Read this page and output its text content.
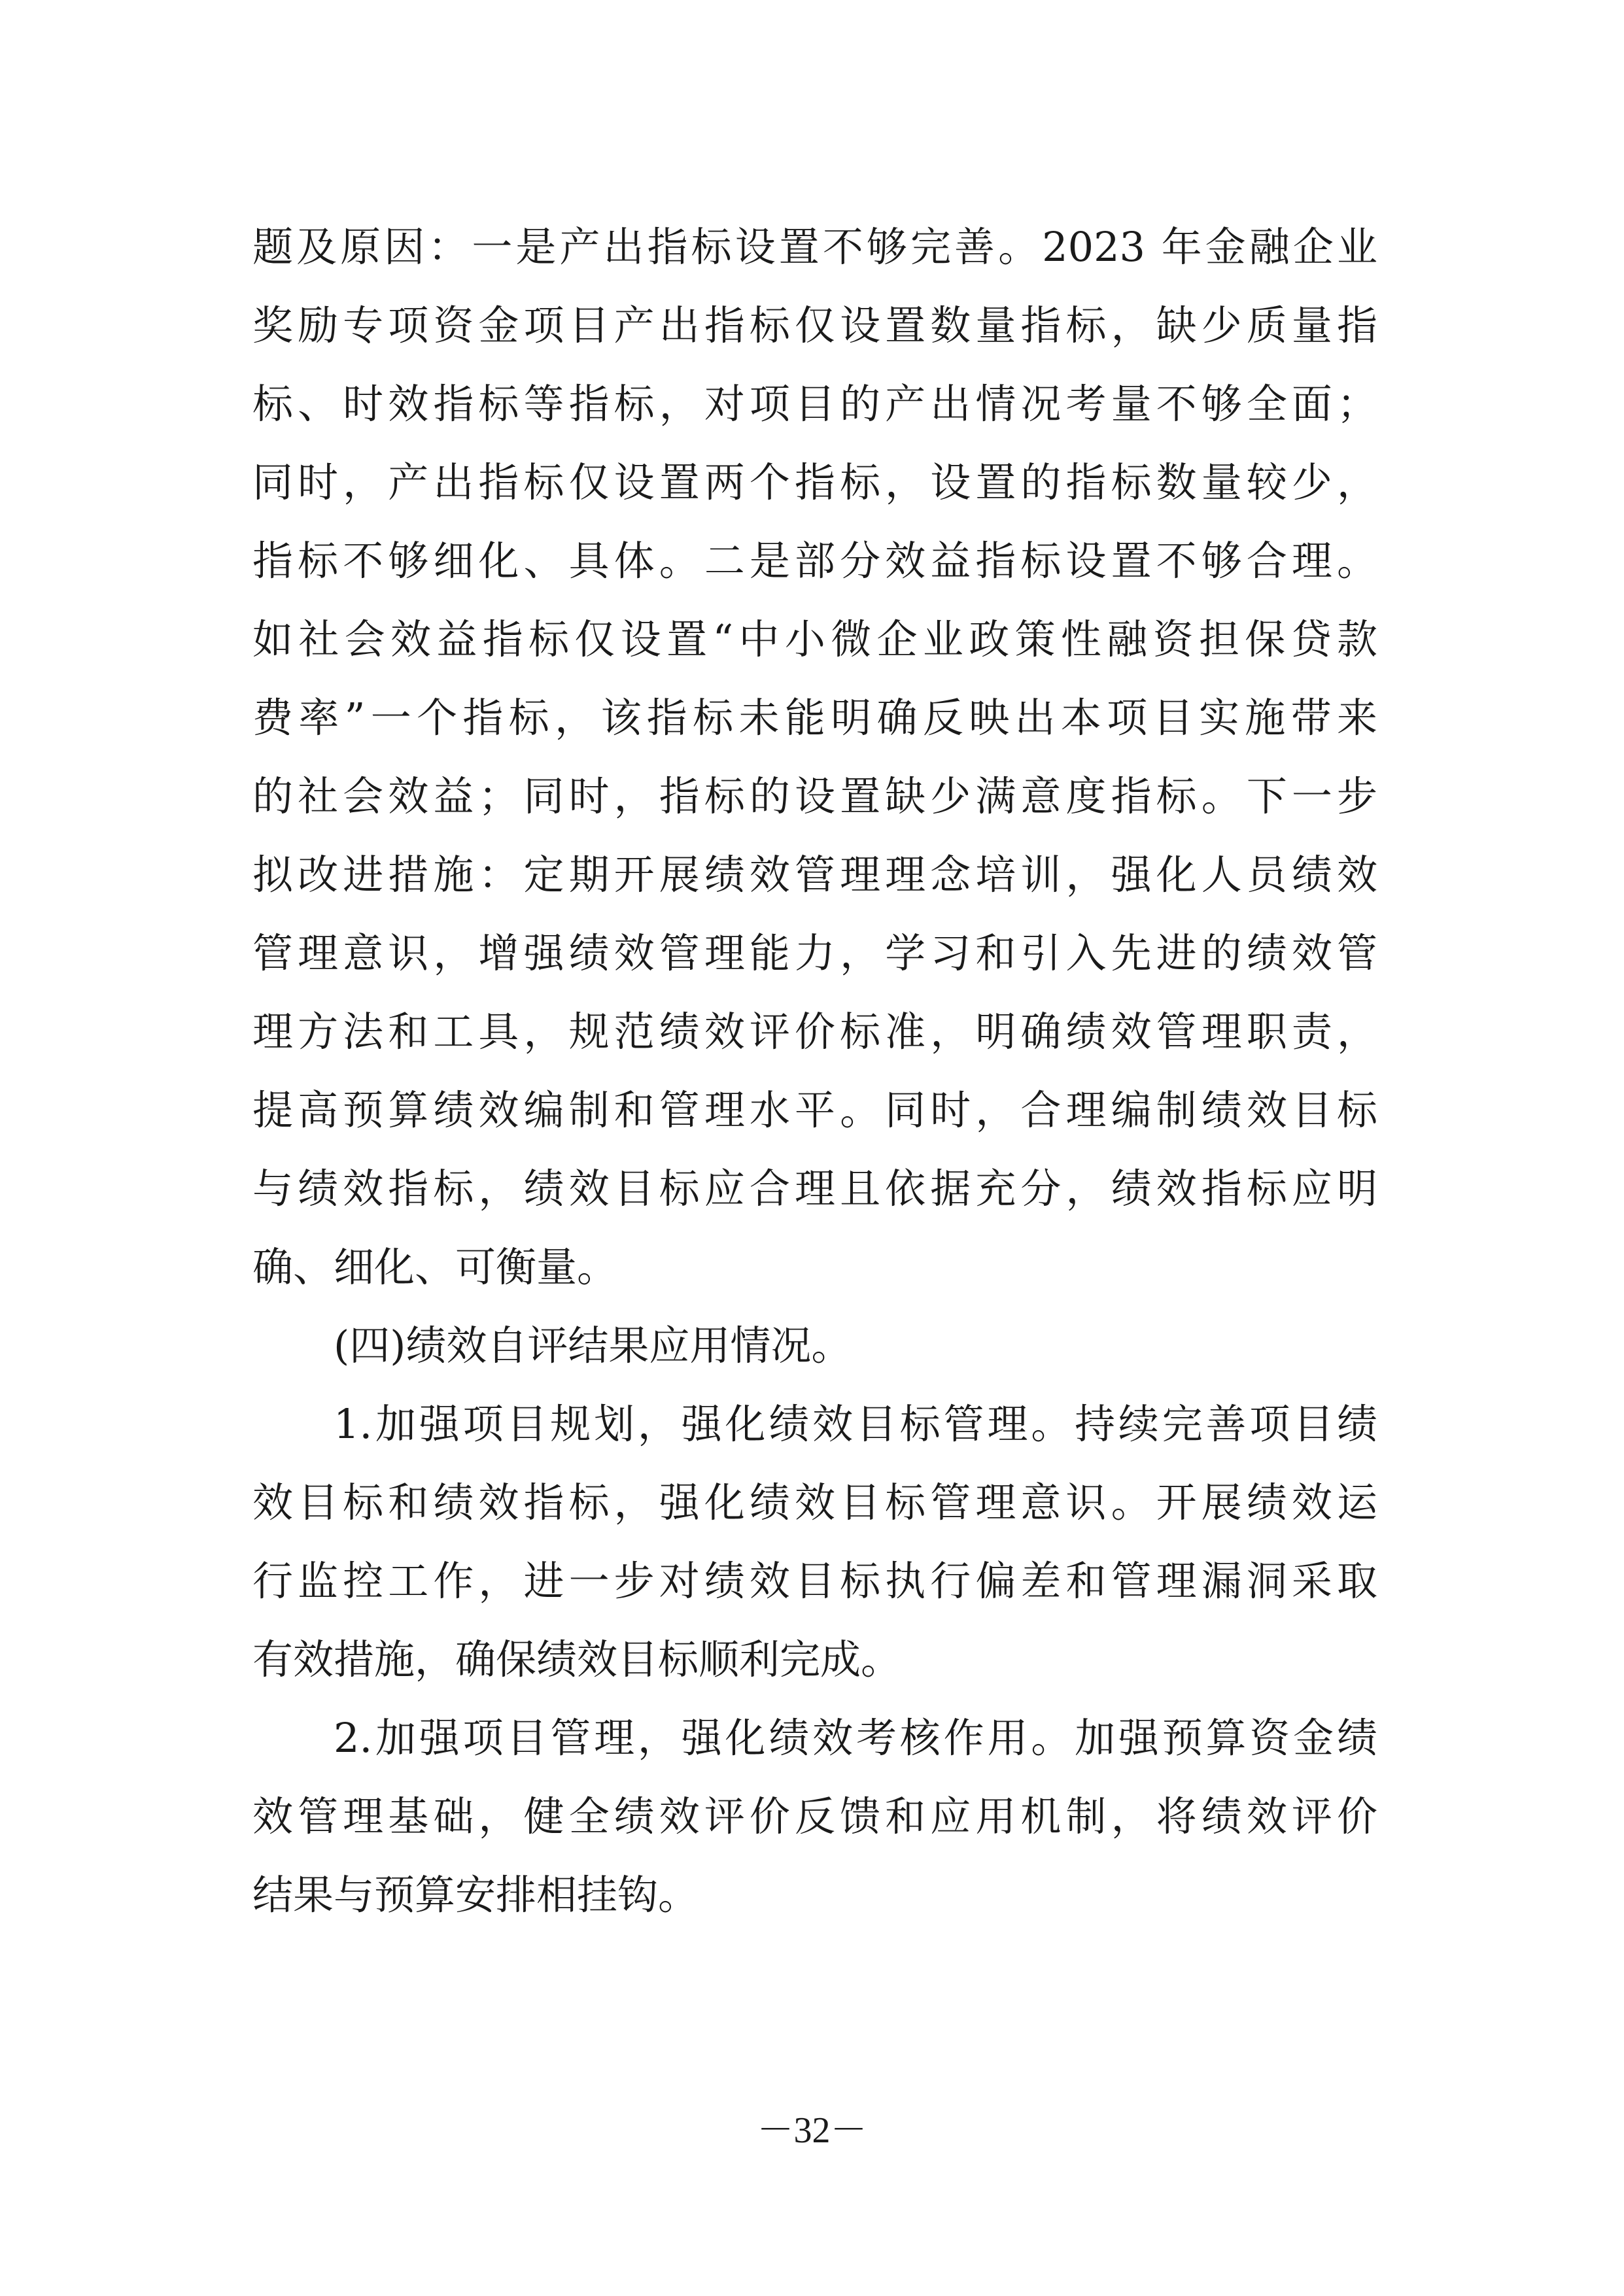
题及原因：一是产出指标设置不够完善。2023 年金融企业
奖励专项资金项目产出指标仅设置数量指标，缺少质量指
标、时效指标等指标，对项目的产出情况考量不够全面；
同时，产出指标仅设置两个指标，设置的指标数量较少，
指标不够细化、具体。二是部分效益指标设置不够合理。
如社会效益指标仅设置“中小微企业政策性融资担保贷款
费率”一个指标，该指标未能明确反映出本项目实施带来
的社会效益；同时，指标的设置缺少满意度指标。下一步
拟改进措施：定期开展绩效管理理念培训，强化人员绩效
管理意识，增强绩效管理能力，学习和引入先进的绩效管
理方法和工具，规范绩效评价标准，明确绩效管理职责，
提高预算绩效编制和管理水平。同时，合理编制绩效目标
与绩效指标，绩效目标应合理且依据充分，绩效指标应明
确、细化、可衡量。
(四)绩效自评结果应用情况。
1.加强项目规划，强化绩效目标管理。持续完善项目绩
效目标和绩效指标，强化绩效目标管理意识。开展绩效运
行监控工作，进一步对绩效目标执行偏差和管理漏洞采取
有效措施，确保绩效目标顺利完成。
2.加强项目管理，强化绩效考核作用。加强预算资金绩
效管理基础，健全绩效评价反馈和应用机制，将绩效评价
结果与预算安排相挂钩。
－32－
